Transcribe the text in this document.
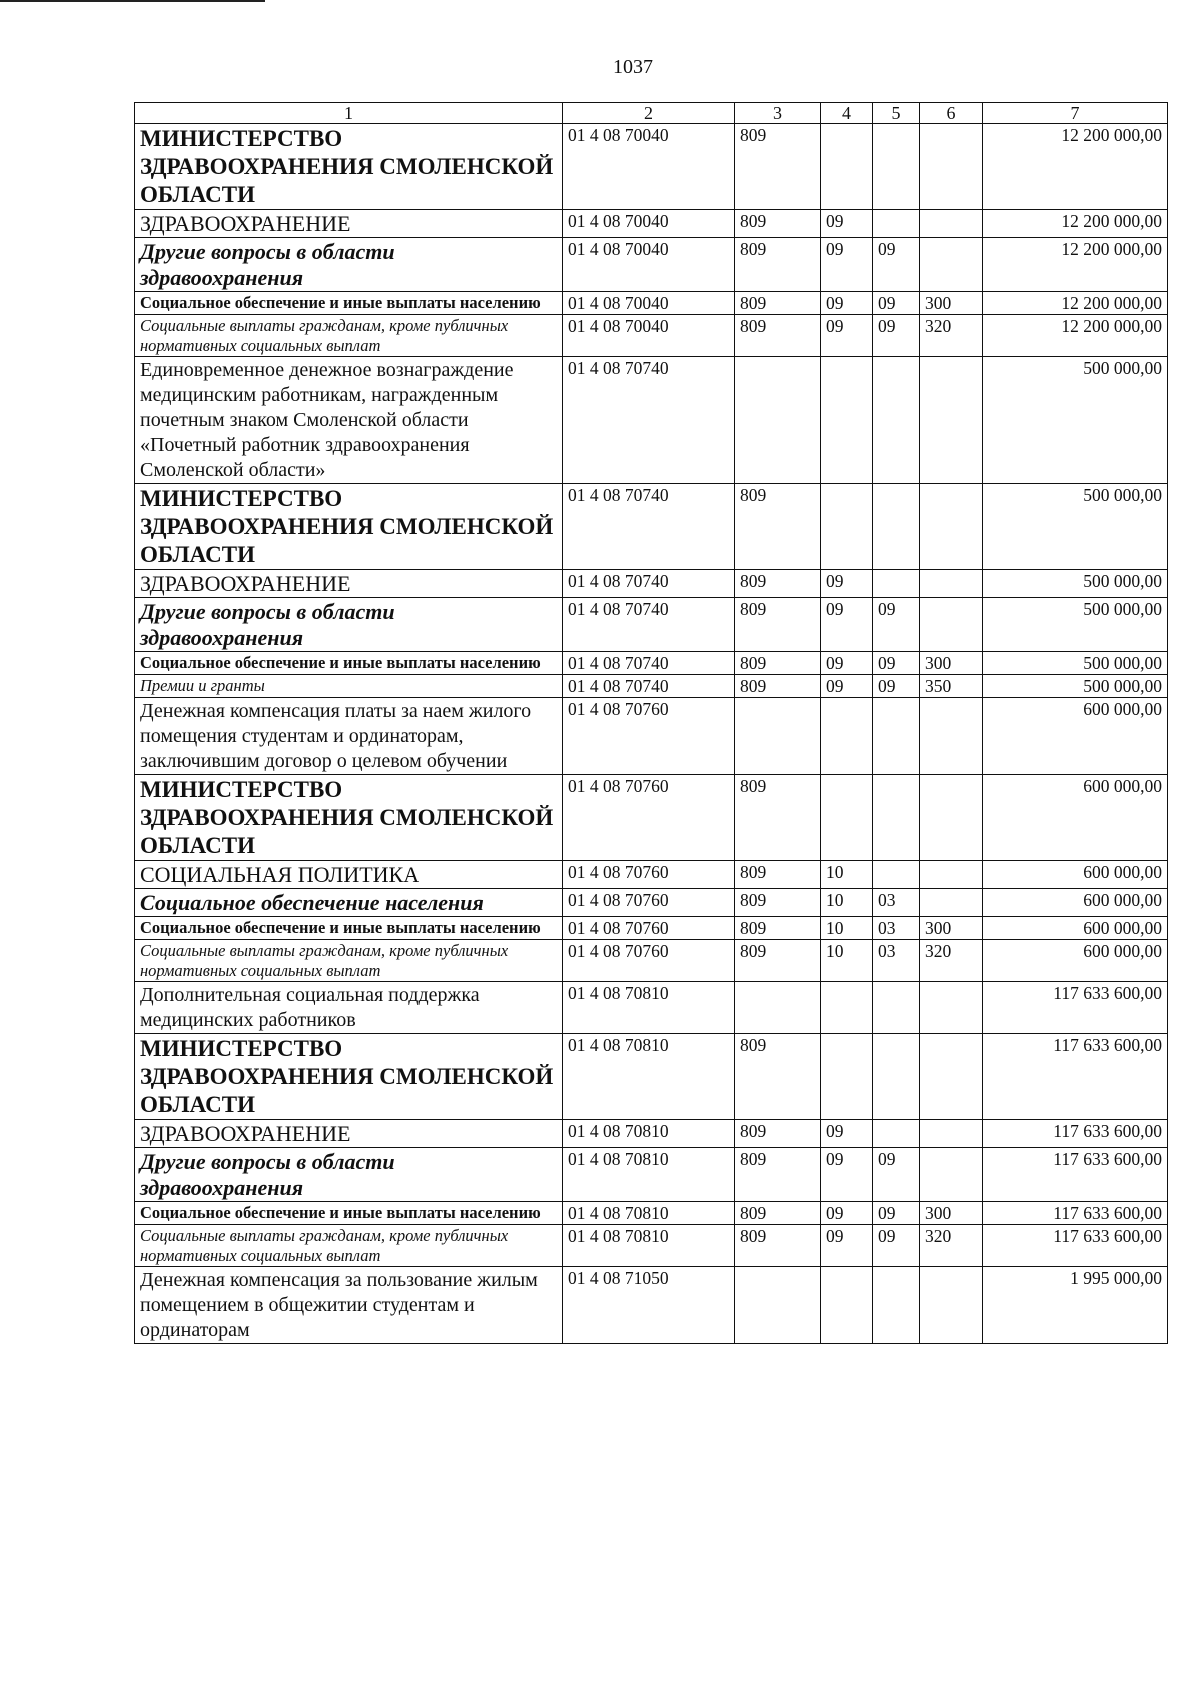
1037
1	2	3	4	5	6	7
МИНИСТЕРСТВО ЗДРАВООХРАНЕНИЯ СМОЛЕНСКОЙ ОБЛАСТИ	01 4 08 70040	809				12 200 000,00
ЗДРАВООХРАНЕНИЕ	01 4 08 70040	809	09			12 200 000,00
Другие вопросы в области здравоохранения	01 4 08 70040	809	09	09		12 200 000,00
Социальное обеспечение и иные выплаты населению	01 4 08 70040	809	09	09	300	12 200 000,00
Социальные выплаты гражданам, кроме публичных нормативных социальных выплат	01 4 08 70040	809	09	09	320	12 200 000,00
Единовременное денежное вознаграждение медицинским работникам, награжденным почетным знаком Смоленской области «Почетный работник здравоохранения Смоленской области»	01 4 08 70740					500 000,00
МИНИСТЕРСТВО ЗДРАВООХРАНЕНИЯ СМОЛЕНСКОЙ ОБЛАСТИ	01 4 08 70740	809				500 000,00
ЗДРАВООХРАНЕНИЕ	01 4 08 70740	809	09			500 000,00
Другие вопросы в области здравоохранения	01 4 08 70740	809	09	09		500 000,00
Социальное обеспечение и иные выплаты населению	01 4 08 70740	809	09	09	300	500 000,00
Премии и гранты	01 4 08 70740	809	09	09	350	500 000,00
Денежная компенсация платы за наем жилого помещения студентам и ординаторам, заключившим договор о целевом обучении	01 4 08 70760					600 000,00
МИНИСТЕРСТВО ЗДРАВООХРАНЕНИЯ СМОЛЕНСКОЙ ОБЛАСТИ	01 4 08 70760	809				600 000,00
СОЦИАЛЬНАЯ ПОЛИТИКА	01 4 08 70760	809	10			600 000,00
Социальное обеспечение населения	01 4 08 70760	809	10	03		600 000,00
Социальное обеспечение и иные выплаты населению	01 4 08 70760	809	10	03	300	600 000,00
Социальные выплаты гражданам, кроме публичных нормативных социальных выплат	01 4 08 70760	809	10	03	320	600 000,00
Дополнительная социальная поддержка медицинских работников	01 4 08 70810					117 633 600,00
МИНИСТЕРСТВО ЗДРАВООХРАНЕНИЯ СМОЛЕНСКОЙ ОБЛАСТИ	01 4 08 70810	809				117 633 600,00
ЗДРАВООХРАНЕНИЕ	01 4 08 70810	809	09			117 633 600,00
Другие вопросы в области здравоохранения	01 4 08 70810	809	09	09		117 633 600,00
Социальное обеспечение и иные выплаты населению	01 4 08 70810	809	09	09	300	117 633 600,00
Социальные выплаты гражданам, кроме публичных нормативных социальных выплат	01 4 08 70810	809	09	09	320	117 633 600,00
Денежная компенсация за пользование жилым помещением в общежитии студентам и ординаторам	01 4 08 71050					1 995 000,00
